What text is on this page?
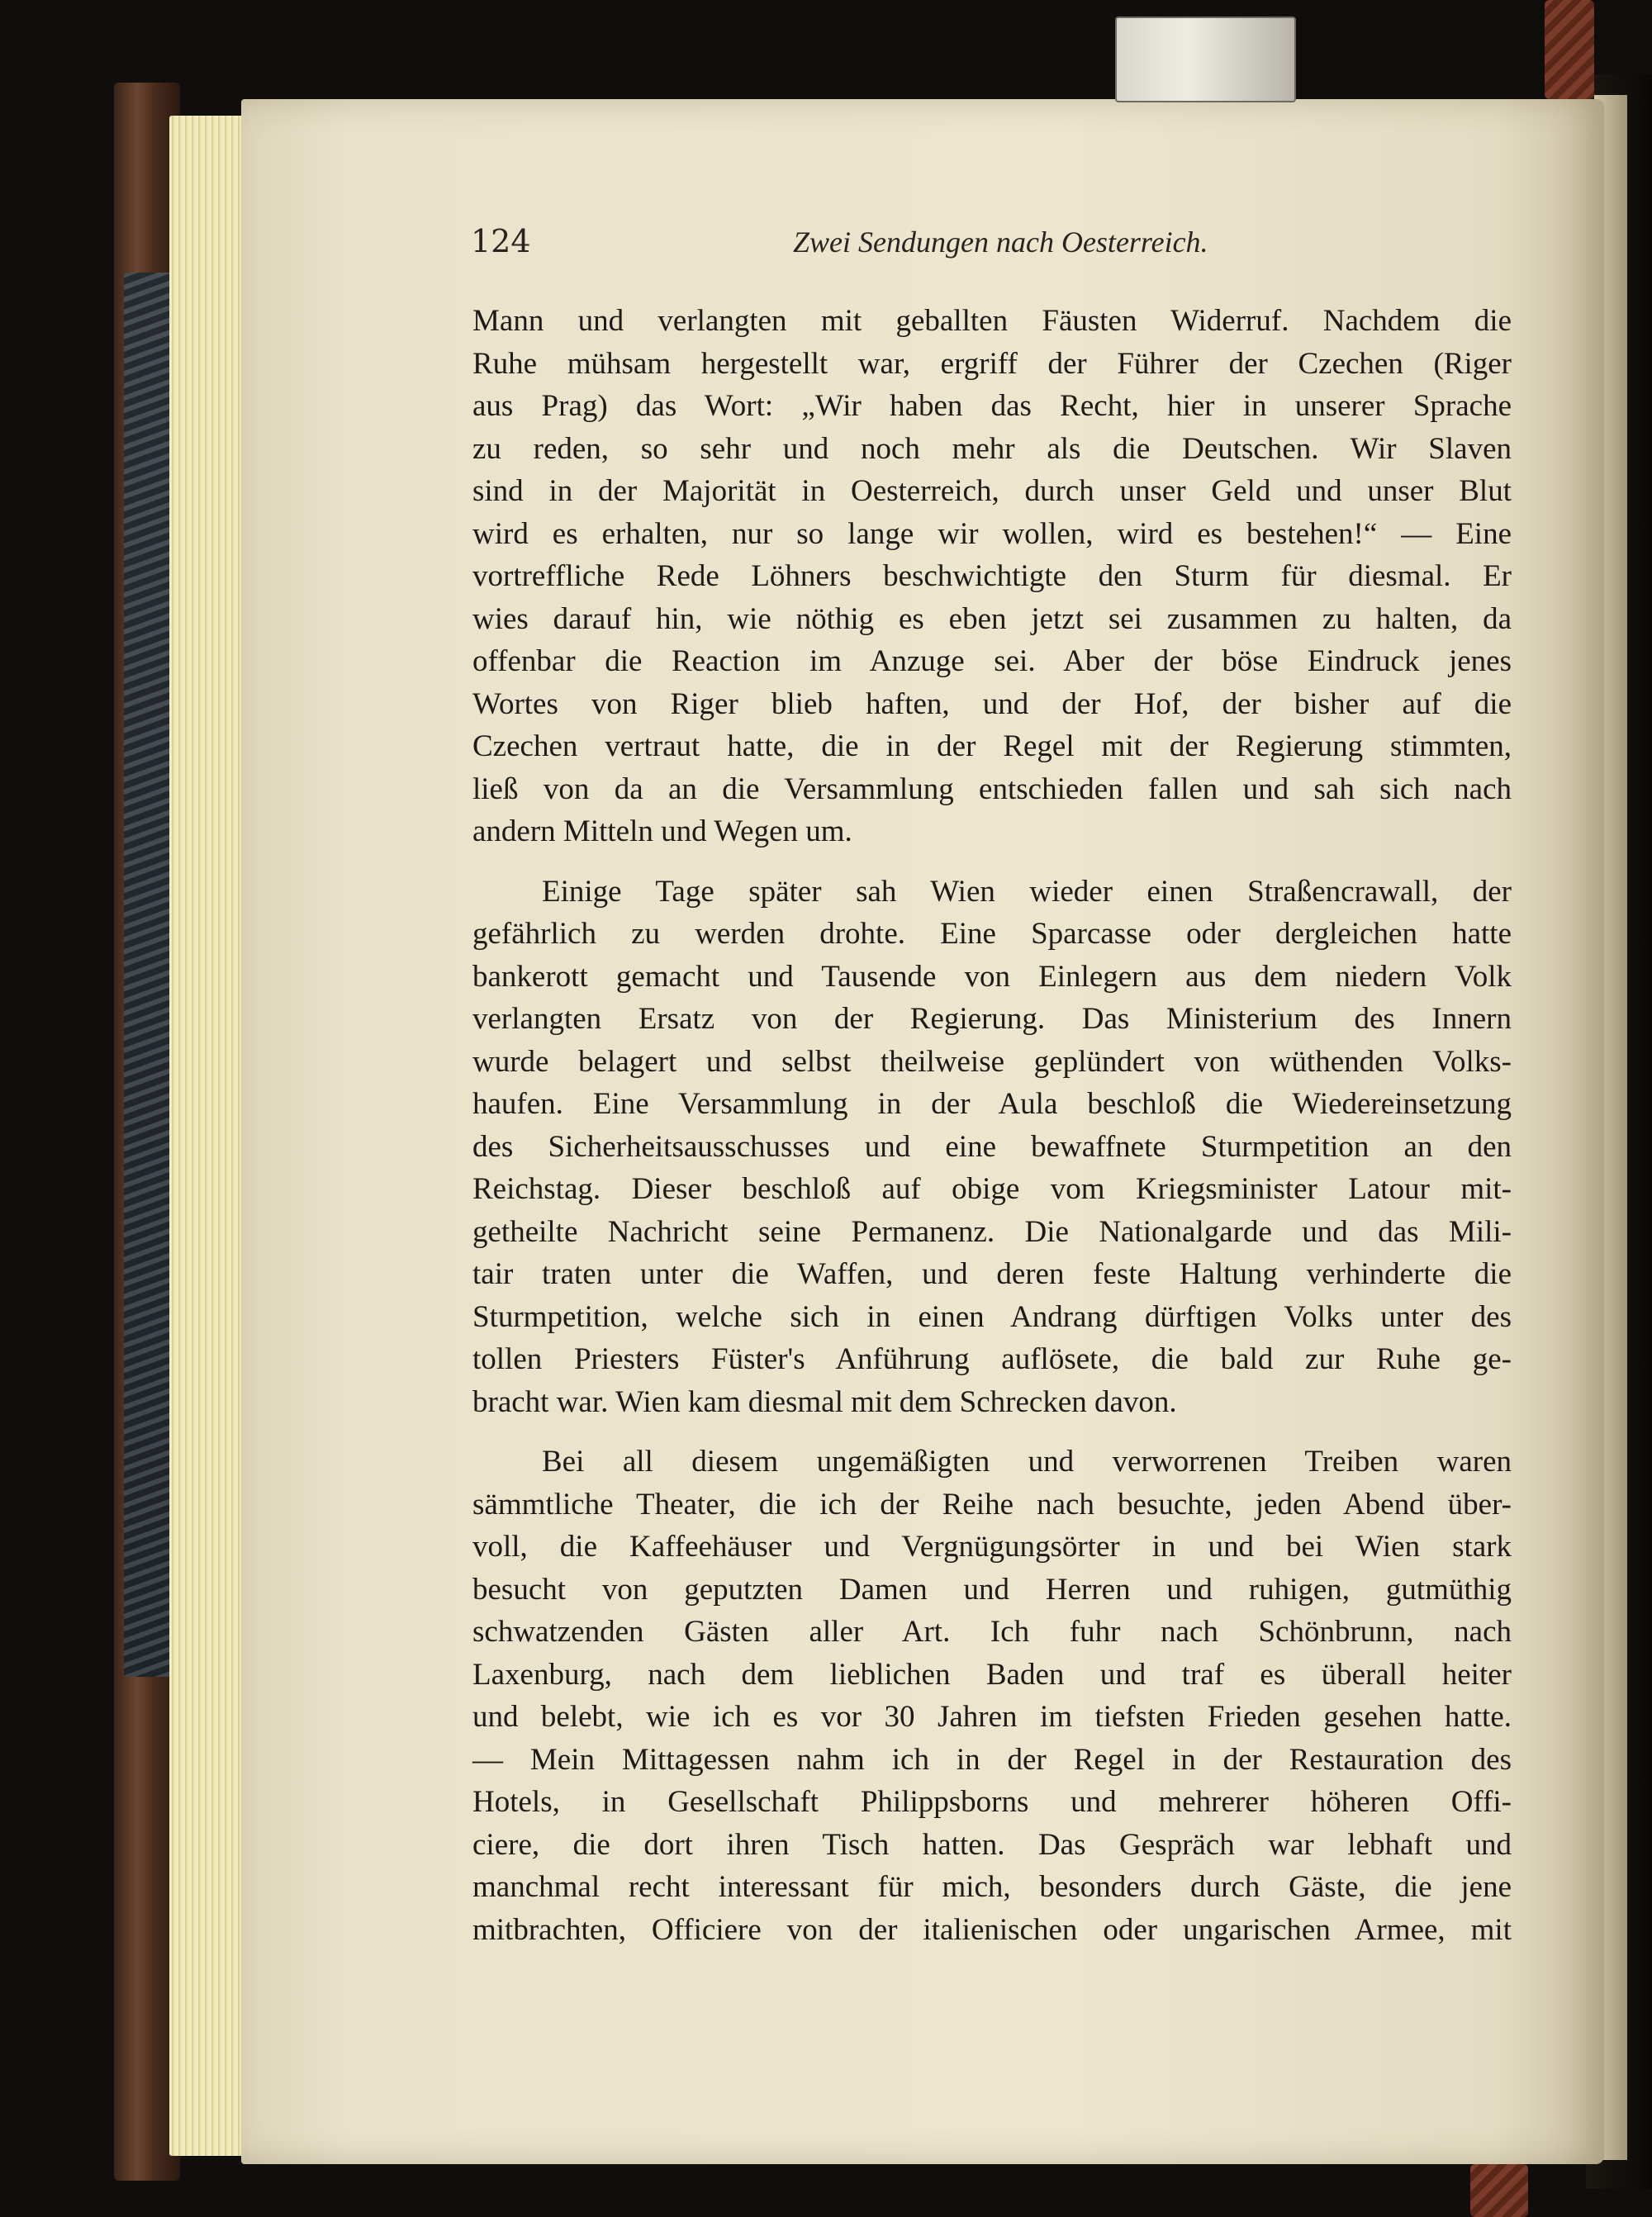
124	Zwei Sendungen nach Oesterreich.
Mann und verlangten mit geballten Fäusten Widerruf. Nachdem die
Ruhe mühsam hergestellt war, ergriff der Führer der Czechen (Riger
aus Prag) das Wort: „Wir haben das Recht, hier in unserer Sprache
zu reden, so sehr und noch mehr als die Deutschen. Wir Slaven
sind in der Majorität in Oesterreich, durch unser Geld und unser Blut
wird es erhalten, nur so lange wir wollen, wird es bestehen!“ — Eine
vortreffliche Rede Löhners beschwichtigte den Sturm für diesmal. Er
wies darauf hin, wie nöthig es eben jetzt sei zusammen zu halten, da
offenbar die Reaction im Anzuge sei. Aber der böse Eindruck jenes
Wortes von Riger blieb haften, und der Hof, der bisher auf die
Czechen vertraut hatte, die in der Regel mit der Regierung stimmten,
ließ von da an die Versammlung entschieden fallen und sah sich nach
andern Mitteln und Wegen um.
Einige Tage später sah Wien wieder einen Straßencrawall, der
gefährlich zu werden drohte. Eine Sparcasse oder dergleichen hatte
bankerott gemacht und Tausende von Einlegern aus dem niedern Volk
verlangten Ersatz von der Regierung. Das Ministerium des Innern
wurde belagert und selbst theilweise geplündert von wüthenden Volks-
haufen. Eine Versammlung in der Aula beschloß die Wiedereinsetzung
des Sicherheitsausschusses und eine bewaffnete Sturmpetition an den
Reichstag. Dieser beschloß auf obige vom Kriegsminister Latour mit-
getheilte Nachricht seine Permanenz. Die Nationalgarde und das Mili-
tair traten unter die Waffen, und deren feste Haltung verhinderte die
Sturmpetition, welche sich in einen Andrang dürftigen Volks unter des
tollen Priesters Füster's Anführung auflösete, die bald zur Ruhe ge-
bracht war. Wien kam diesmal mit dem Schrecken davon.
Bei all diesem ungemäßigten und verworrenen Treiben waren
sämmtliche Theater, die ich der Reihe nach besuchte, jeden Abend über-
voll, die Kaffeehäuser und Vergnügungsörter in und bei Wien stark
besucht von geputzten Damen und Herren und ruhigen, gutmüthig
schwatzenden Gästen aller Art. Ich fuhr nach Schönbrunn, nach
Laxenburg, nach dem lieblichen Baden und traf es überall heiter
und belebt, wie ich es vor 30 Jahren im tiefsten Frieden gesehen hatte.
— Mein Mittagessen nahm ich in der Regel in der Restauration des
Hotels, in Gesellschaft Philippsborns und mehrerer höheren Offi-
ciere, die dort ihren Tisch hatten. Das Gespräch war lebhaft und
manchmal recht interessant für mich, besonders durch Gäste, die jene
mitbrachten, Officiere von der italienischen oder ungarischen Armee, mit
